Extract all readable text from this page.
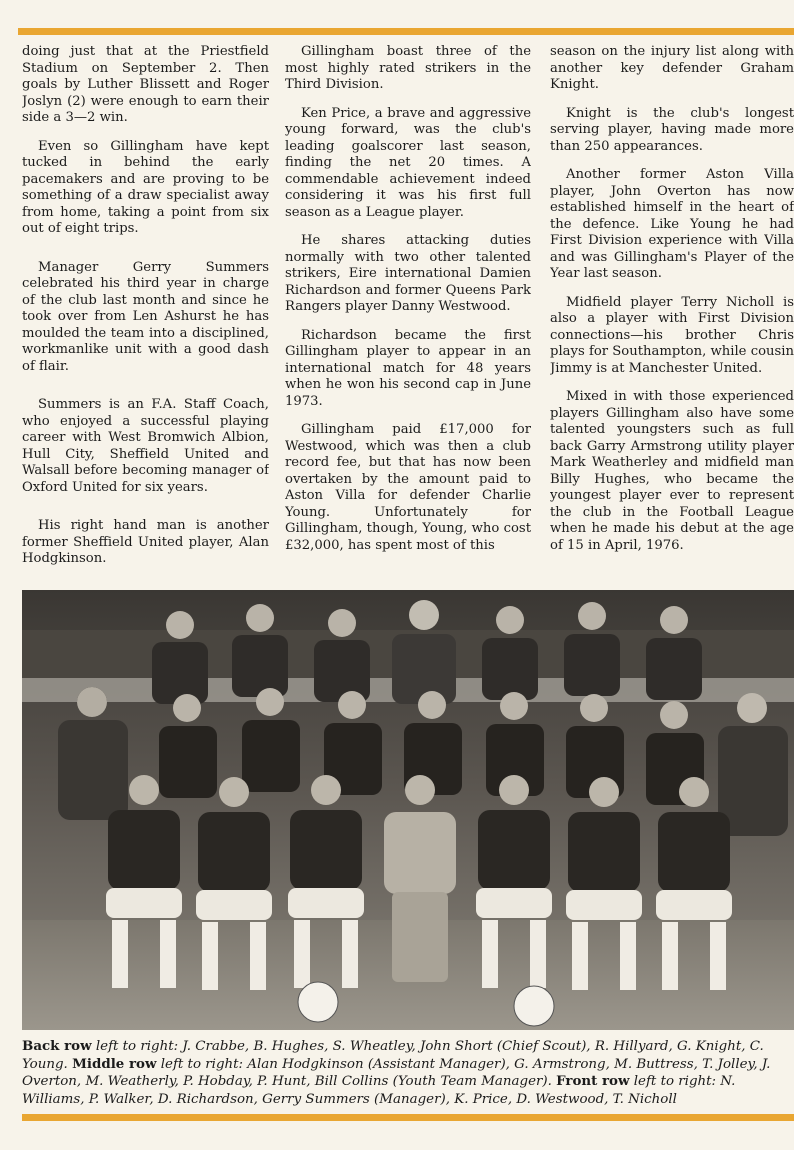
doing just that at the Priestfield Stadium on September 2. Then goals by Luther Blissett and Roger Joslyn (2) were enough to earn their side a 3—2 win.

Even so Gillingham have kept tucked in behind the early pacemakers and are proving to be something of a draw specialist away from home, taking a point from six out of eight trips.

Manager Gerry Summers celebrated his third year in charge of the club last month and since he took over from Len Ashurst he has moulded the team into a disciplined, workmanlike unit with a good dash of flair.

Summers is an F.A. Staff Coach, who enjoyed a successful playing career with West Bromwich Albion, Hull City, Sheffield United and Walsall before becoming manager of Oxford United for six years.

His right hand man is another former Sheffield United player, Alan Hodgkinson.

Gillingham boast three of the most highly rated strikers in the Third Division.

Ken Price, a brave and aggressive young forward, was the club's leading goalscorer last season, finding the net 20 times. A commendable achievement indeed considering it was his first full season as a League player.

He shares attacking duties normally with two other talented strikers, Eire international Damien Richardson and former Queens Park Rangers player Danny Westwood.

Richardson became the first Gillingham player to appear in an international match for 48 years when he won his second cap in June 1973.

Gillingham paid £17,000 for Westwood, which was then a club record fee, but that has now been overtaken by the amount paid to Aston Villa for defender Charlie Young. Unfortunately for Gillingham, though, Young, who cost £32,000, has spent most of this

season on the injury list along with another key defender Graham Knight.

Knight is the club's longest serving player, having made more than 250 appearances.

Another former Aston Villa player, John Overton has now established himself in the heart of the defence. Like Young he had First Division experience with Villa and was Gillingham's Player of the Year last season.

Midfield player Terry Nicholl is also a player with First Division connections—his brother Chris plays for Southampton, while cousin Jimmy is at Manchester United.

Mixed in with those experienced players Gillingham also have some talented youngsters such as full back Garry Armstrong utility player Mark Weatherley and midfield man Billy Hughes, who became the youngest player ever to represent the club in the Football League when he made his debut at the age of 15 in April, 1976.

Back row left to right: J. Crabbe, B. Hughes, S. Wheatley, John Short (Chief Scout), R. Hillyard, G. Knight, C. Young. Middle row left to right: Alan Hodgkinson (Assistant Manager), G. Armstrong, M. Buttress, T. Jolley, J. Overton, M. Weatherly, P. Hobday, P. Hunt, Bill Collins (Youth Team Manager). Front row left to right: N. Williams, P. Walker, D. Richardson, Gerry Summers (Manager), K. Price, D. Westwood, T. Nicholl
